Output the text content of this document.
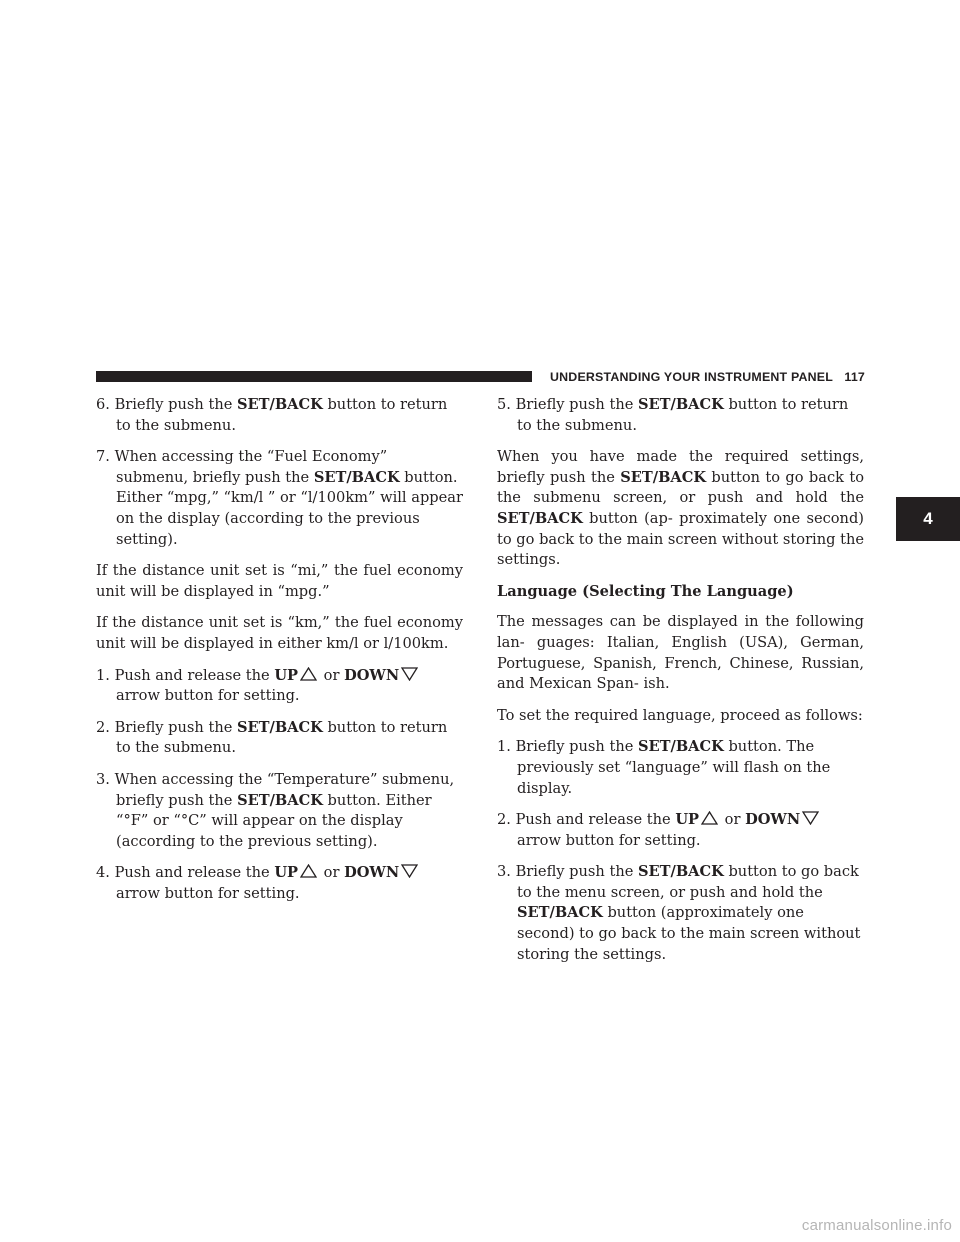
UNDERSTANDING YOUR INSTRUMENT PANEL 117
4

6. Briefly push the SET/BACK button to return to the submenu.

7. When accessing the “Fuel Economy” submenu, briefly push the SET/BACK button. Either “mpg,” “km/l ” or “l/100km” will appear on the display (according to the previous setting).

If the distance unit set is “mi,” the fuel economy unit will be displayed in “mpg.”

If the distance unit set is “km,” the fuel economy unit will be displayed in either km/l or l/100km.

1. Push and release the UP
or DOWN
arrow button for setting.

2. Briefly push the SET/BACK button to return to the submenu.

3. When accessing the “Temperature” submenu, briefly push the SET/BACK button. Either “°F” or “°C” will appear on the display (according to the previous setting).

4. Push and release the UP
or DOWN
arrow button for setting.

5. Briefly push the SET/BACK button to return to the submenu.

When you have made the required settings, briefly push the SET/BACK button to go back to the submenu screen, or push and hold the SET/BACK button (ap- proximately one second) to go back to the main screen without storing the settings.

Language (Selecting The Language)

The messages can be displayed in the following lan- guages: Italian, English (USA), German, Portuguese, Spanish, French, Chinese, Russian, and Mexican Span- ish.

To set the required language, proceed as follows:

1. Briefly push the SET/BACK button. The previously set “language” will flash on the display.

2. Push and release the UP
or DOWN
arrow button for setting.

3. Briefly push the SET/BACK button to go back to the menu screen, or push and hold the SET/BACK button (approximately one second) to go back to the main screen without storing the settings.

carmanualsonline.info
